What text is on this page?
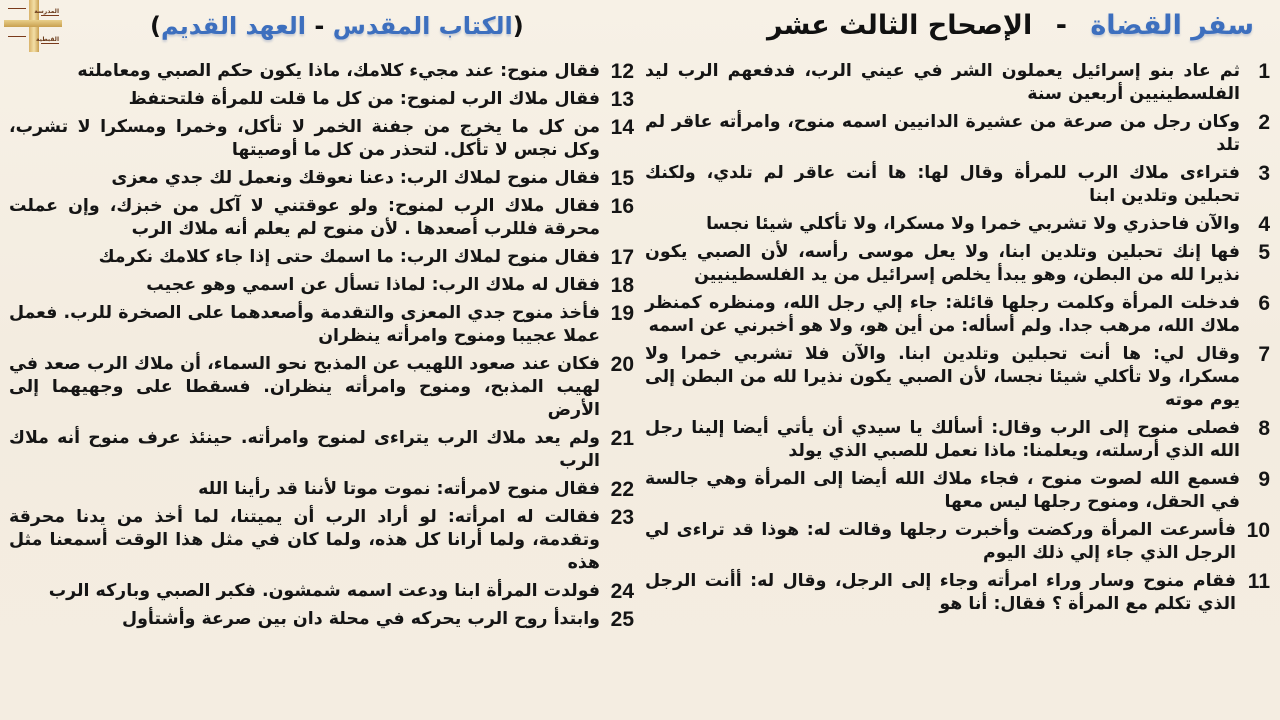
سفر القضاة - الإصحاح الثالث عشر
(الكتاب المقدس - العهد القديم)
المدرسة
القبطية
1
ثم عاد بنو إسرائيل يعملون الشر في عيني الرب، فدفعهم الرب ليد الفلسطينيين أربعين سنة
2
وكان رجل من صرعة من عشيرة الدانيين اسمه منوح، وامرأته عاقر لم تلد
3
فتراءى ملاك الرب للمرأة وقال لها: ها أنت عاقر لم تلدي، ولكنك تحبلين وتلدين ابنا
4
والآن فاحذري ولا تشربي خمرا ولا مسكرا، ولا تأكلي شيئا نجسا
5
فها إنك تحبلين وتلدين ابنا، ولا يعل موسى رأسه، لأن الصبي يكون نذيرا لله من البطن، وهو يبدأ يخلص إسرائيل من يد الفلسطينيين
6
فدخلت المرأة وكلمت رجلها قائلة: جاء إلي رجل الله، ومنظره كمنظر ملاك الله، مرهب جدا. ولم أسأله: من أين هو، ولا هو أخبرني عن اسمه
7
وقال لي: ها أنت تحبلين وتلدين ابنا. والآن فلا تشربي خمرا ولا مسكرا، ولا تأكلي شيئا نجسا، لأن الصبي يكون نذيرا لله من البطن إلى يوم موته
8
فصلى منوح إلى الرب وقال: أسألك يا سيدي أن يأتي أيضا إلينا رجل الله الذي أرسلته، ويعلمنا: ماذا نعمل للصبي الذي يولد
9
فسمع الله لصوت منوح ، فجاء ملاك الله أيضا إلى المرأة وهي جالسة في الحقل، ومنوح رجلها ليس معها
10
فأسرعت المرأة وركضت وأخبرت رجلها وقالت له: هوذا قد تراءى لي الرجل الذي جاء إلي ذلك اليوم
11
فقام منوح وسار وراء امرأته وجاء إلى الرجل، وقال له: أأنت الرجل الذي تكلم مع المرأة ؟ فقال: أنا هو
12
فقال منوح: عند مجيء كلامك، ماذا يكون حكم الصبي ومعاملته
13
فقال ملاك الرب لمنوح: من كل ما قلت للمرأة فلتحتفظ
14
من كل ما يخرج من جفنة الخمر لا تأكل، وخمرا ومسكرا لا تشرب، وكل نجس لا تأكل. لتحذر من كل ما أوصيتها
15
فقال منوح لملاك الرب: دعنا نعوقك ونعمل لك جدي معزى
16
فقال ملاك الرب لمنوح: ولو عوقتني لا آكل من خبزك، وإن عملت محرقة فللرب أصعدها . لأن منوح لم يعلم أنه ملاك الرب
17
فقال منوح لملاك الرب: ما اسمك حتى إذا جاء كلامك نكرمك
18
فقال له ملاك الرب: لماذا تسأل عن اسمي وهو عجيب
19
فأخذ منوح جدي المعزى والتقدمة وأصعدهما على الصخرة للرب. فعمل عملا عجيبا ومنوح وامرأته ينظران
20
فكان عند صعود اللهيب عن المذبح نحو السماء، أن ملاك الرب صعد في لهيب المذبح، ومنوح وامرأته ينظران. فسقطا على وجهيهما إلى الأرض
21
ولم يعد ملاك الرب يتراءى لمنوح وامرأته. حينئذ عرف منوح أنه ملاك الرب
22
فقال منوح لامرأته: نموت موتا لأننا قد رأينا الله
23
فقالت له امرأته: لو أراد الرب أن يميتنا، لما أخذ من يدنا محرقة وتقدمة، ولما أرانا كل هذه، ولما كان في مثل هذا الوقت أسمعنا مثل هذه
24
فولدت المرأة ابنا ودعت اسمه شمشون. فكبر الصبي وباركه الرب
25
وابتدأ روح الرب يحركه في محلة دان بين صرعة وأشتأول
